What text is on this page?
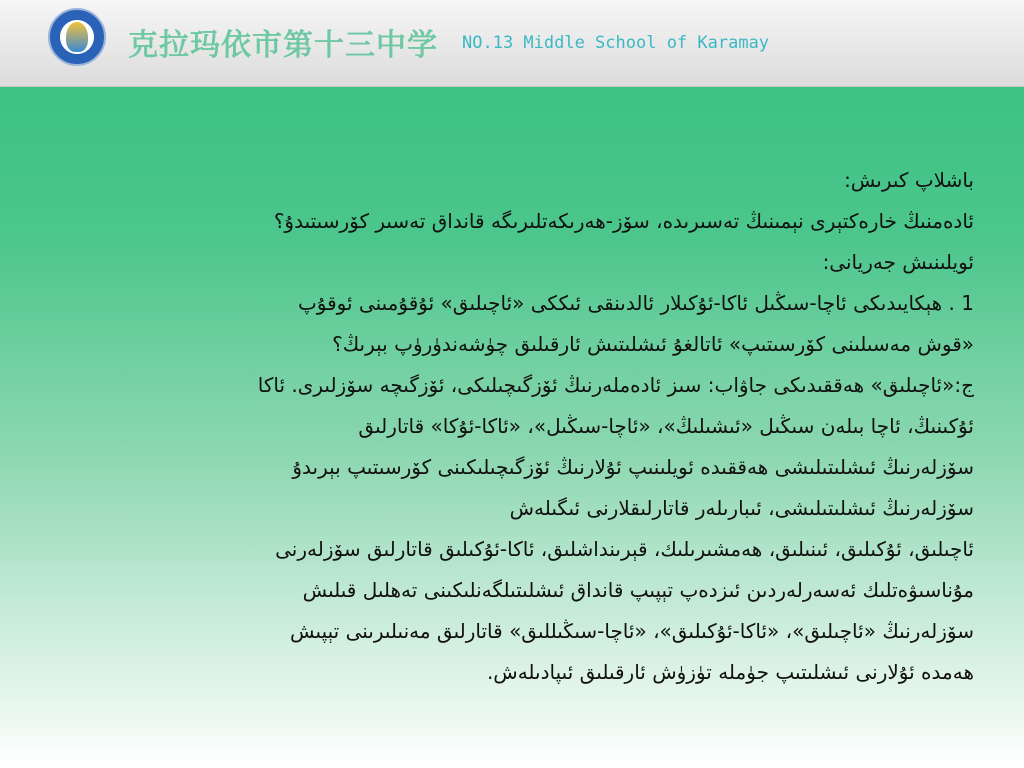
克拉玛依市第十三中学 NO.13 Middle School of Karamay

باشلاپ كىرىش:

ئادەمنىڭ خارەكتېرى نېمىنىڭ تەسىرىدە، سۆز-ھەرىكەتلىرىگە قانداق تەسىر كۆرسىتىدۇ؟

ئويلىنىش جەريانى:

1 . ھېكايىدىكى ئاچا-سىڭىل ئاكا-ئۇكىلار ئالدىنقى ئىككى «ئاچىلىق» ئۇقۇمىنى ئوقۇپ

«قوش مەسىلىنى كۆرسىتىپ» ئاتالغۇ ئىشلىتىش ئارقىلىق چۈشەندۈرۈپ بېرىڭ؟

ج:«ئاچىلىق» ھەققىدىكى جاۋاب: سىز ئادەملەرنىڭ ئۆزگىچىلىكى، ئۆزگىچە سۆزلىرى. ئاكا

ئۇكىنىڭ، ئاچا بىلەن سىڭىل «ئىشىلىڭ»، «ئاچا-سىڭىل»، «ئاكا-ئۇكا» قاتارلىق

سۆزلەرنىڭ ئىشلىتىلىشى ھەققىدە ئويلىنىپ ئۇلارنىڭ ئۆزگىچىلىكىنى كۆرسىتىپ بېرىدۇ

سۆزلەرنىڭ ئىشلىتىلىشى، ئىبارىلەر قاتارلىقلارنى ئىگىلەش

ئاچىلىق، ئۇكىلىق، ئىنىلىق، ھەمشىرىلىك، قېرىنداشلىق، ئاكا-ئۇكىلىق قاتارلىق سۆزلەرنى

مۇناسىۋەتلىك ئەسەرلەردىن ئىزدەپ تېپىپ قانداق ئىشلىتىلگەنلىكىنى تەھلىل قىلىش

سۆزلەرنىڭ «ئاچىلىق»، «ئاكا-ئۇكىلىق»، «ئاچا-سىڭىللىق» قاتارلىق مەنىلىرىنى تېپىش

ھەمدە ئۇلارنى ئىشلىتىپ جۈملە تۈزۈش ئارقىلىق ئىپادىلەش.
